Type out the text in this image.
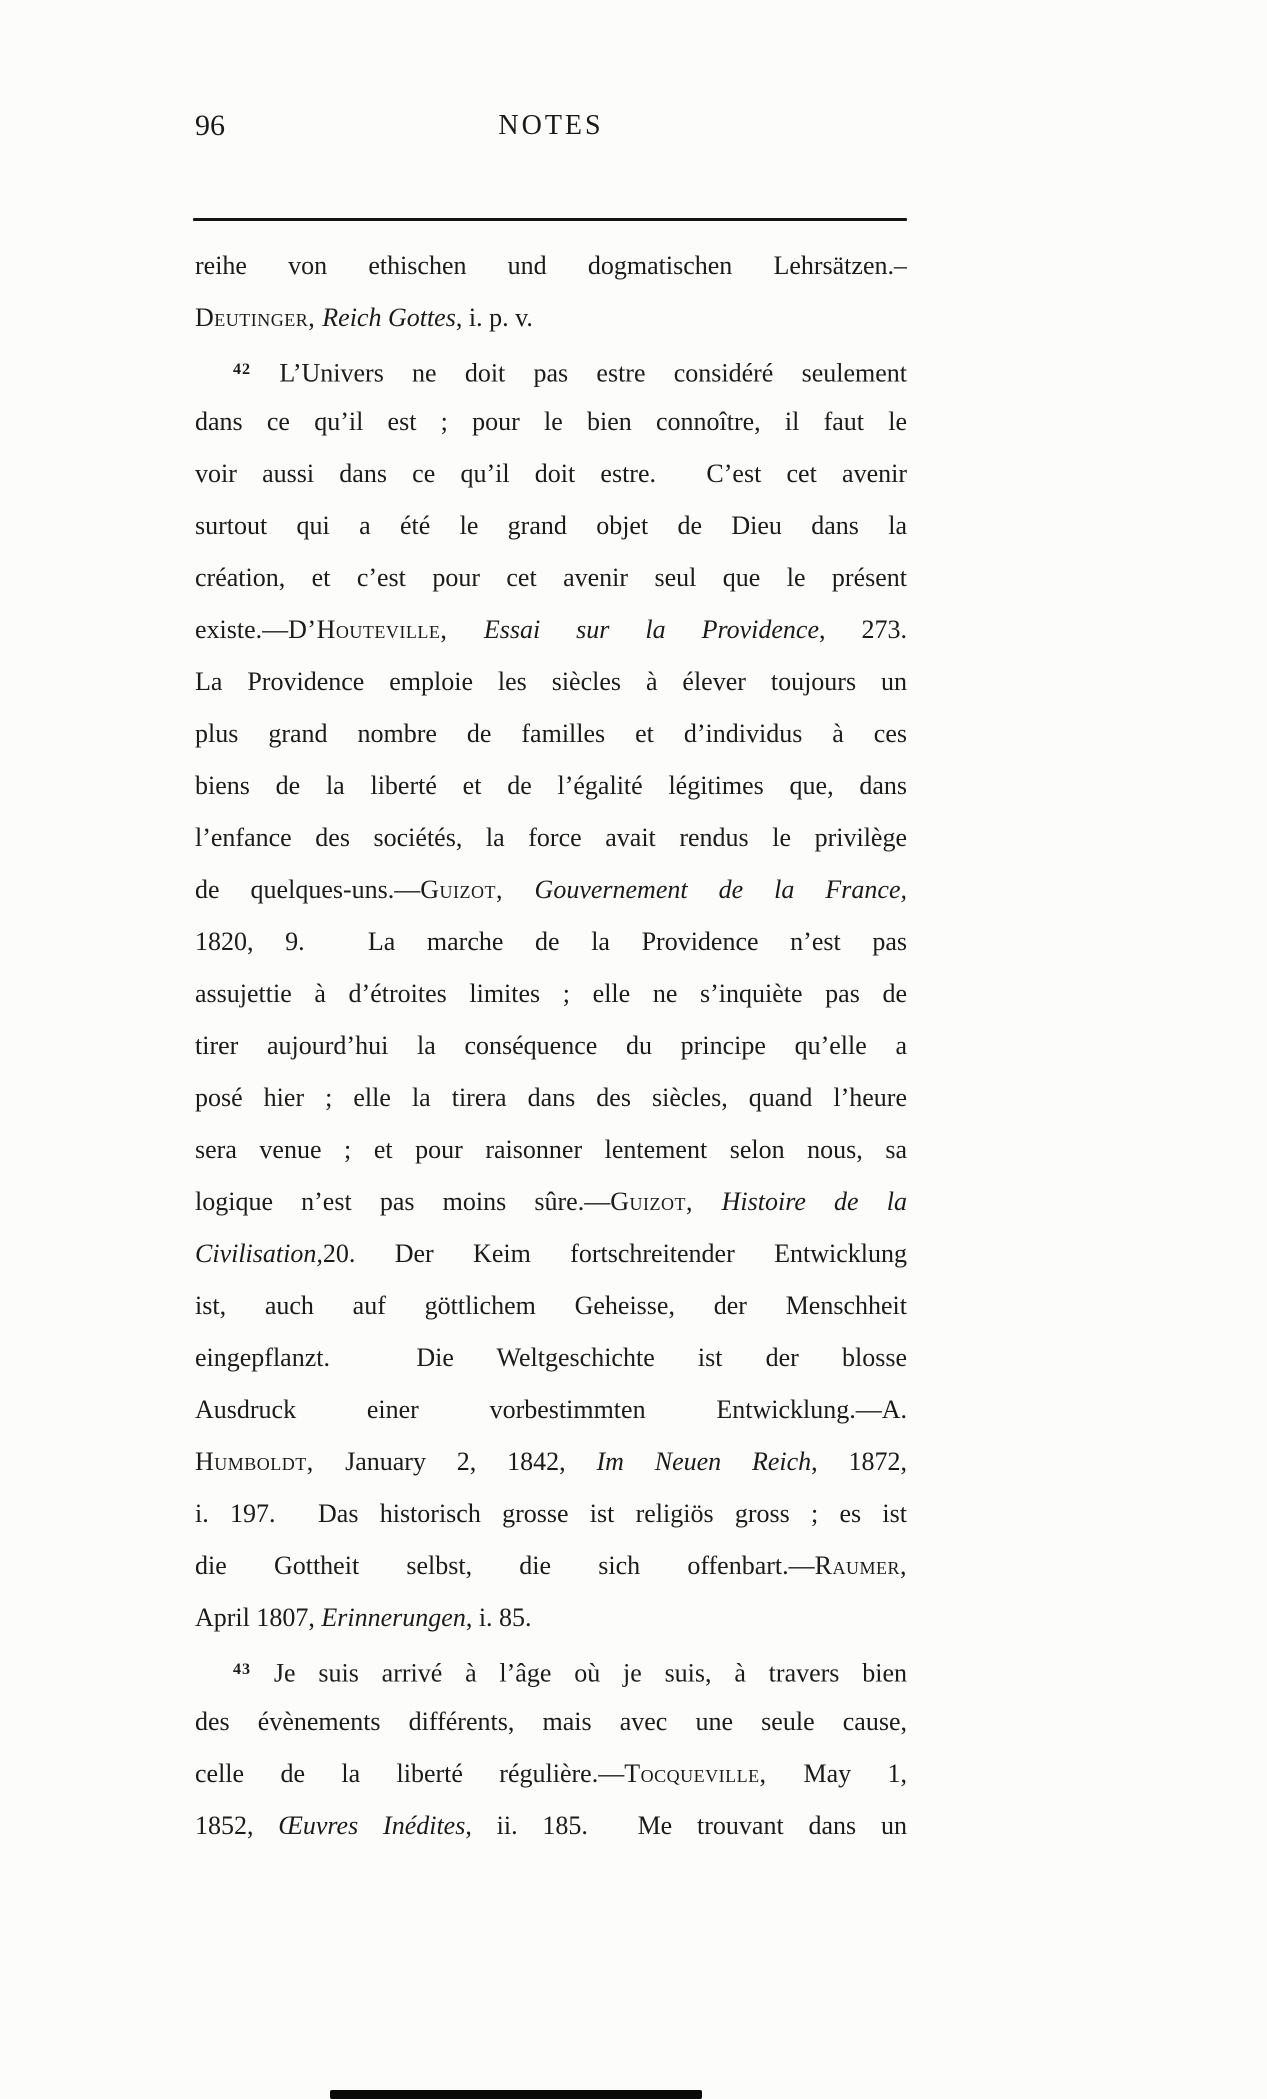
96	NOTES
reihe von ethischen und dogmatischen Lehrsätzen.–
Deutinger, Reich Gottes, i. p. v.
$^{42}$ L’Univers ne doit pas estre considéré seulement
dans ce qu’il est ; pour le bien connoître, il faut le
voir aussi dans ce qu’il doit estre.  C’est cet avenir
surtout qui a été le grand objet de Dieu dans la
création, et c’est pour cet avenir seul que le présent
existe.—D’Houteville, Essai sur la Providence, 273.
La Providence emploie les siècles à élever toujours un
plus grand nombre de familles et d’individus à ces
biens de la liberté et de l’égalité légitimes que, dans
l’enfance des sociétés, la force avait rendus le privilège
de quelques-uns.—Guizot, Gouvernement de la France,
1820, 9.  La marche de la Providence n’est pas
assujettie à d’étroites limites ; elle ne s’inquiète pas de
tirer aujourd’hui la conséquence du principe qu’elle a
posé hier ; elle la tirera dans des siècles, quand l’heure
sera venue ; et pour raisonner lentement selon nous, sa
logique n’est pas moins sûre.—Guizot, Histoire de la
Civilisation,20. Der Keim fortschreitender Entwicklung
ist, auch auf göttlichem Geheisse, der Menschheit
eingepflanzt.  Die Weltgeschichte ist der blosse
Ausdruck einer vorbestimmten Entwicklung.—A.
Humboldt, January 2, 1842, Im Neuen Reich, 1872,
i. 197.  Das historisch grosse ist religiös gross ; es ist
die Gottheit selbst, die sich offenbart.—Raumer,
April 1807, Erinnerungen, i. 85.
$^{43}$ Je suis arrivé à l’âge où je suis, à travers bien
des évènements différents, mais avec une seule cause,
celle de la liberté régulière.—Tocqueville, May 1,
1852, Œuvres Inédites, ii. 185.  Me trouvant dans un
